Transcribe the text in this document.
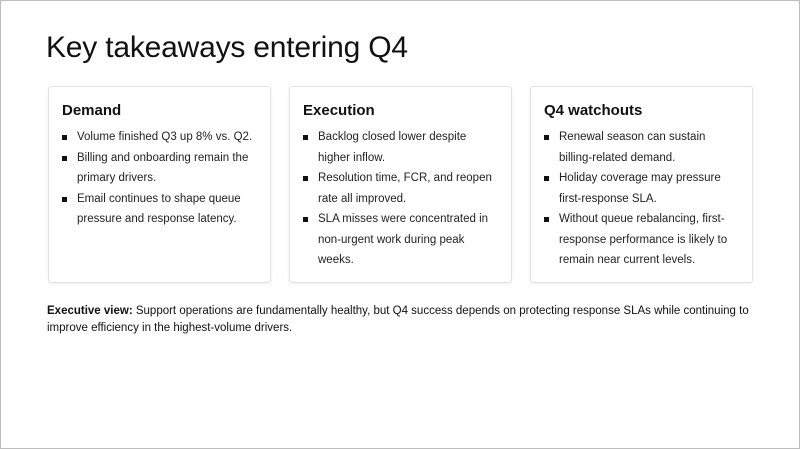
Key takeaways entering Q4
Demand
Volume finished Q3 up 8% vs. Q2.
Billing and onboarding remain the primary drivers.
Email continues to shape queue pressure and response latency.
Execution
Backlog closed lower despite higher inflow.
Resolution time, FCR, and reopen rate all improved.
SLA misses were concentrated in non-urgent work during peak weeks.
Q4 watchouts
Renewal season can sustain billing-related demand.
Holiday coverage may pressure first-response SLA.
Without queue rebalancing, first-response performance is likely to remain near current levels.

Executive view: Support operations are fundamentally healthy, but Q4 success depends on protecting response SLAs while continuing to improve efficiency in the highest-volume drivers.
